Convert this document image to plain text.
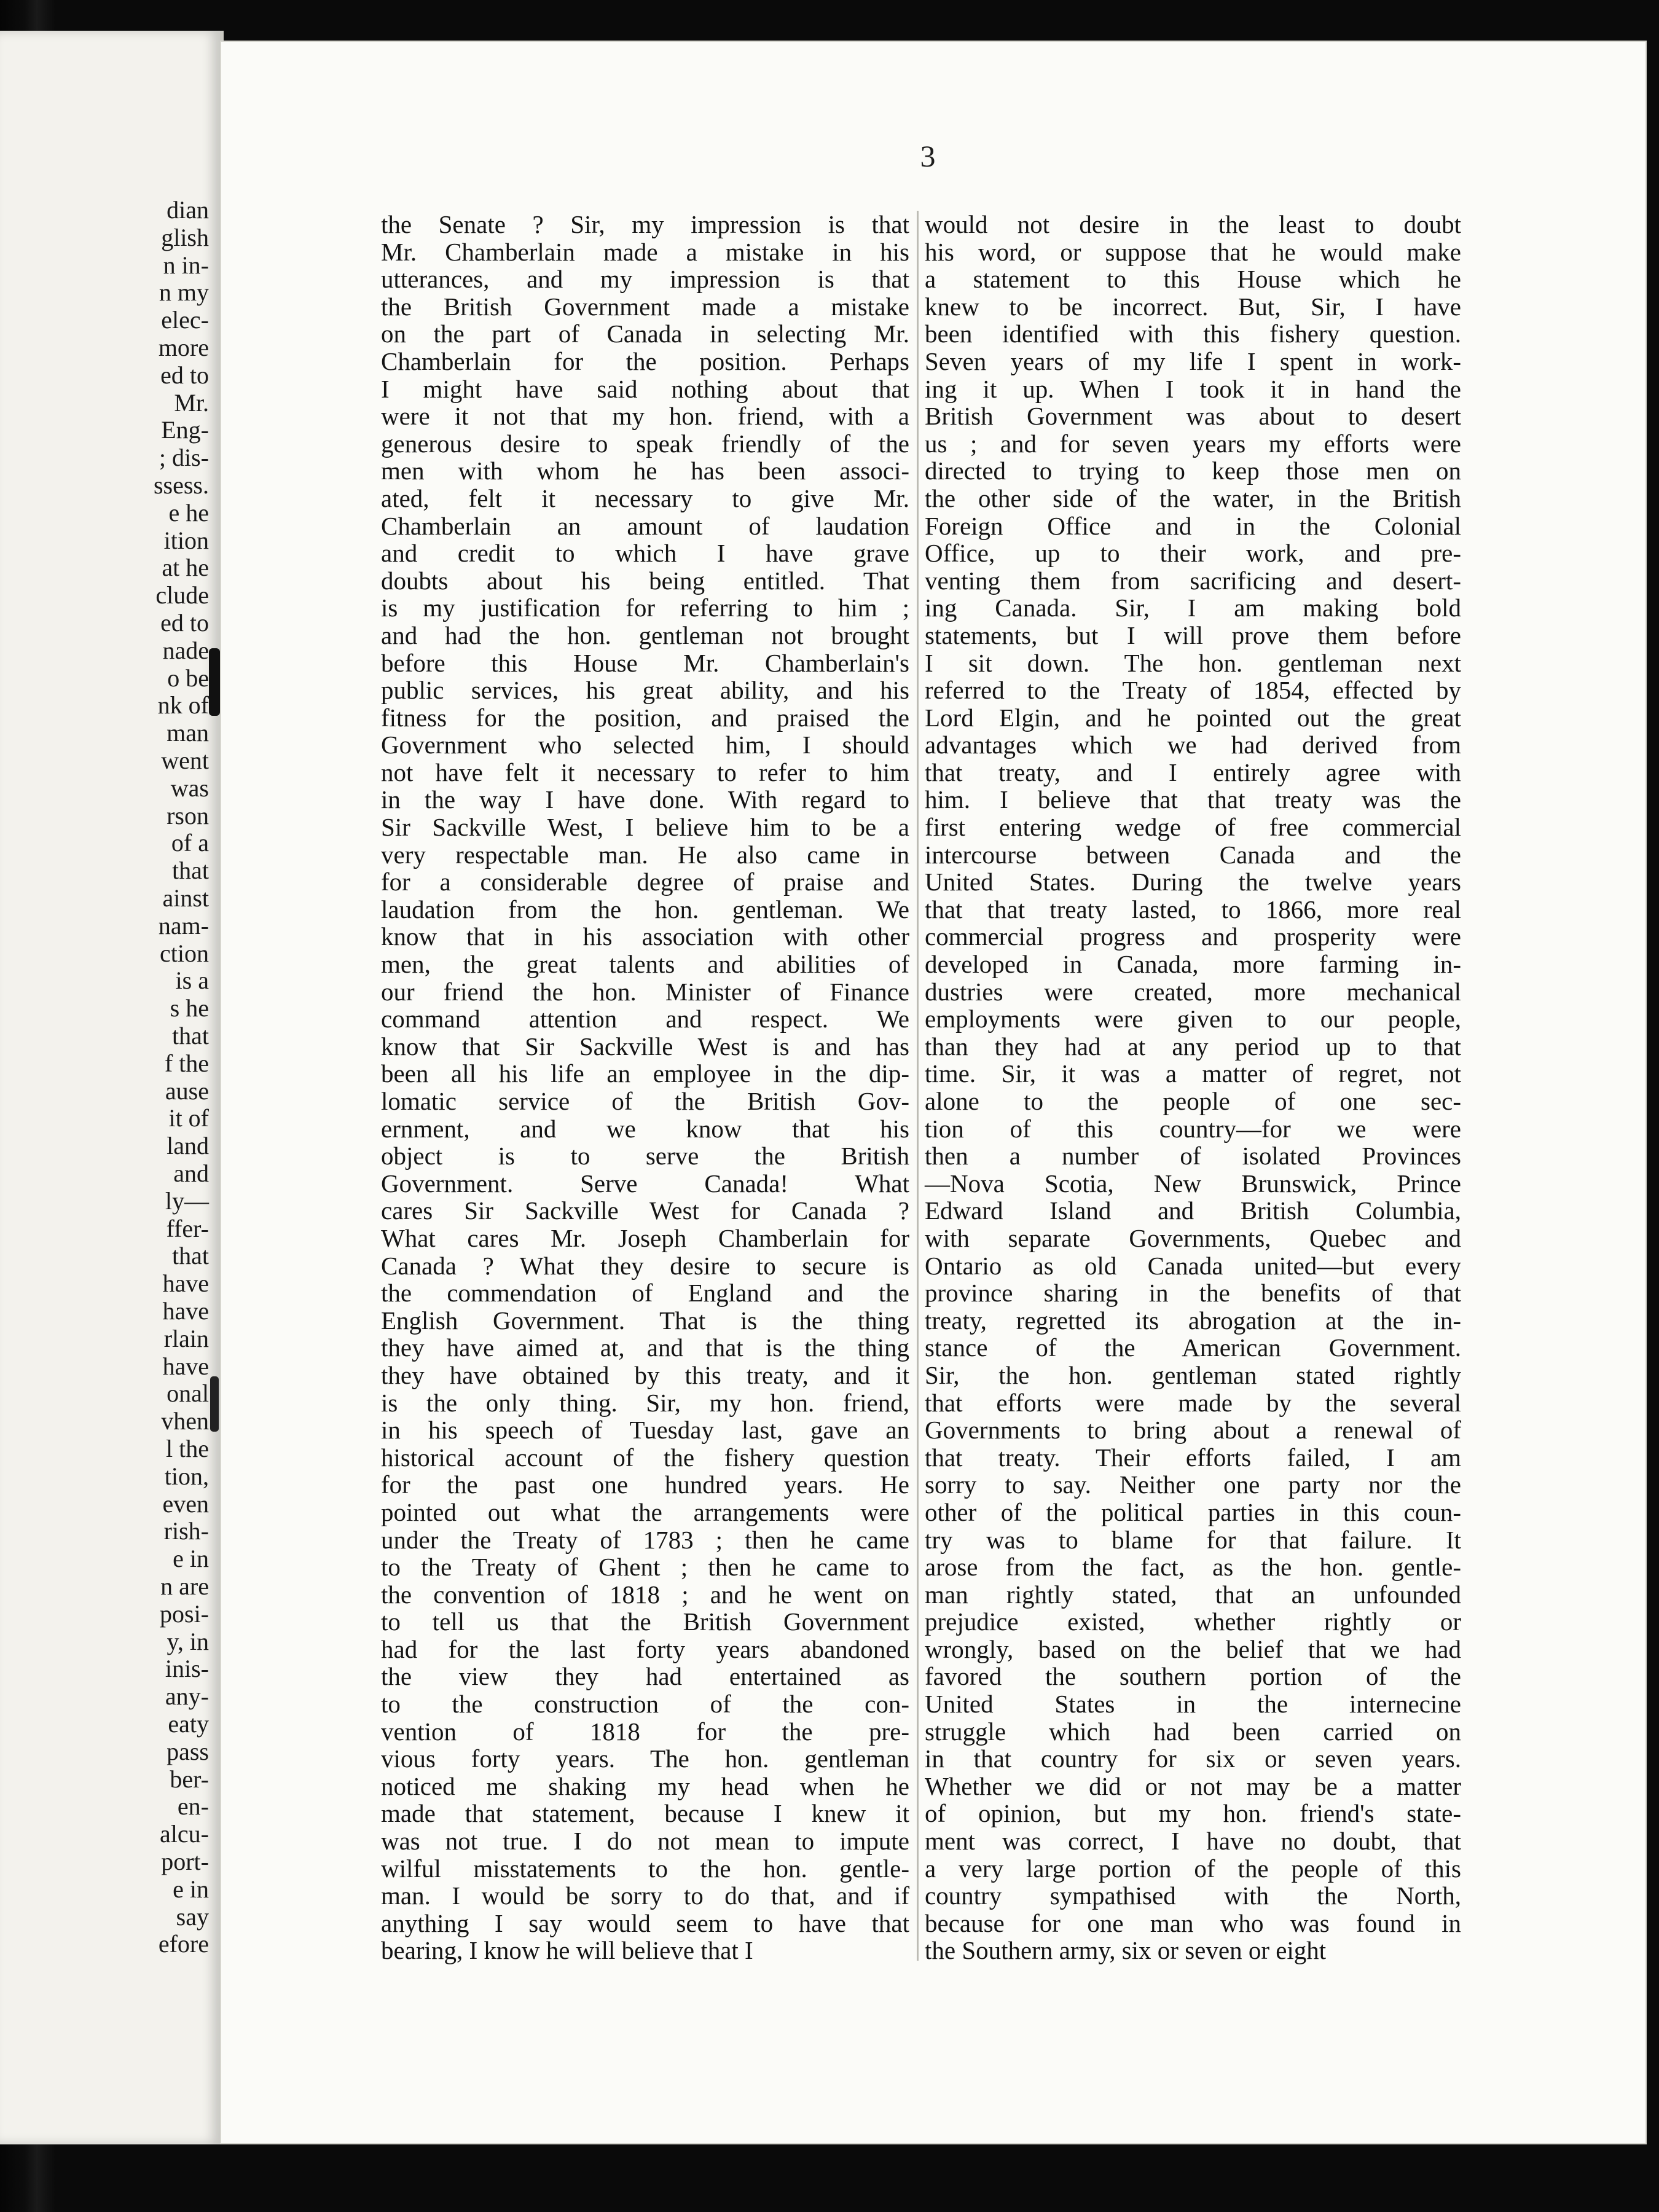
dian
glish
n in-
n my
elec-
more
ed to
Mr.
Eng-
; dis-
ssess.
e he
ition
at he
clude
ed to
nade
o be
nk of
man
went
was
rson
of a
that
ainst
nam-
ction
is a
s he
that
f the
ause
it of
land
and
ly—
ffer-
that
have
have
rlain
have
onal
vhen
l the
tion,
even
rish-
e in
n are
posi-
y, in
inis-
any-
eaty
pass
ber-
en-
alcu-
port-
e in
say
efore
3
the Senate ? Sir, my impression is that
Mr. Chamberlain made a mistake in his
utterances, and my impression is that
the British Government made a mistake
on the part of Canada in selecting Mr.
Chamberlain for the position. Perhaps
I might have said nothing about that
were it not that my hon. friend, with a
generous desire to speak friendly of the
men with whom he has been associ-
ated, felt it necessary to give Mr.
Chamberlain an amount of laudation
and credit to which I have grave
doubts about his being entitled. That
is my justification for referring to him ;
and had the hon. gentleman not brought
before this House Mr. Chamberlain's
public services, his great ability, and his
fitness for the position, and praised the
Government who selected him, I should
not have felt it necessary to refer to him
in the way I have done. With regard to
Sir Sackville West, I believe him to be a
very respectable man. He also came in
for a considerable degree of praise and
laudation from the hon. gentleman. We
know that in his association with other
men, the great talents and abilities of
our friend the hon. Minister of Finance
command attention and respect. We
know that Sir Sackville West is and has
been all his life an employee in the dip-
lomatic service of the British Gov-
ernment, and we know that his
object is to serve the British
Government. Serve Canada! What
cares Sir Sackville West for Canada ?
What cares Mr. Joseph Chamberlain for
Canada ? What they desire to secure is
the commendation of England and the
English Government. That is the thing
they have aimed at, and that is the thing
they have obtained by this treaty, and it
is the only thing. Sir, my hon. friend,
in his speech of Tuesday last, gave an
historical account of the fishery question
for the past one hundred years. He
pointed out what the arrangements were
under the Treaty of 1783 ; then he came
to the Treaty of Ghent ; then he came to
the convention of 1818 ; and he went on
to tell us that the British Government
had for the last forty years abandoned
the view they had entertained as
to the construction of the con-
vention of 1818 for the pre-
vious forty years. The hon. gentleman
noticed me shaking my head when he
made that statement, because I knew it
was not true. I do not mean to impute
wilful misstatements to the hon. gentle-
man. I would be sorry to do that, and if
anything I say would seem to have that
bearing, I know he will believe that I
would not desire in the least to doubt
his word, or suppose that he would make
a statement to this House which he
knew to be incorrect. But, Sir, I have
been identified with this fishery question.
Seven years of my life I spent in work-
ing it up. When I took it in hand the
British Government was about to desert
us ; and for seven years my efforts were
directed to trying to keep those men on
the other side of the water, in the British
Foreign Office and in the Colonial
Office, up to their work, and pre-
venting them from sacrificing and desert-
ing Canada. Sir, I am making bold
statements, but I will prove them before
I sit down. The hon. gentleman next
referred to the Treaty of 1854, effected by
Lord Elgin, and he pointed out the great
advantages which we had derived from
that treaty, and I entirely agree with
him. I believe that that treaty was the
first entering wedge of free commercial
intercourse between Canada and the
United States. During the twelve years
that that treaty lasted, to 1866, more real
commercial progress and prosperity were
developed in Canada, more farming in-
dustries were created, more mechanical
employments were given to our people,
than they had at any period up to that
time. Sir, it was a matter of regret, not
alone to the people of one sec-
tion of this country—for we were
then a number of isolated Provinces
—Nova Scotia, New Brunswick, Prince
Edward Island and British Columbia,
with separate Governments, Quebec and
Ontario as old Canada united—but every
province sharing in the benefits of that
treaty, regretted its abrogation at the in-
stance of the American Government.
Sir, the hon. gentleman stated rightly
that efforts were made by the several
Governments to bring about a renewal of
that treaty. Their efforts failed, I am
sorry to say. Neither one party nor the
other of the political parties in this coun-
try was to blame for that failure. It
arose from the fact, as the hon. gentle-
man rightly stated, that an unfounded
prejudice existed, whether rightly or
wrongly, based on the belief that we had
favored the southern portion of the
United States in the internecine
struggle which had been carried on
in that country for six or seven years.
Whether we did or not may be a matter
of opinion, but my hon. friend's state-
ment was correct, I have no doubt, that
a very large portion of the people of this
country sympathised with the North,
because for one man who was found in
the Southern army, six or seven or eight
